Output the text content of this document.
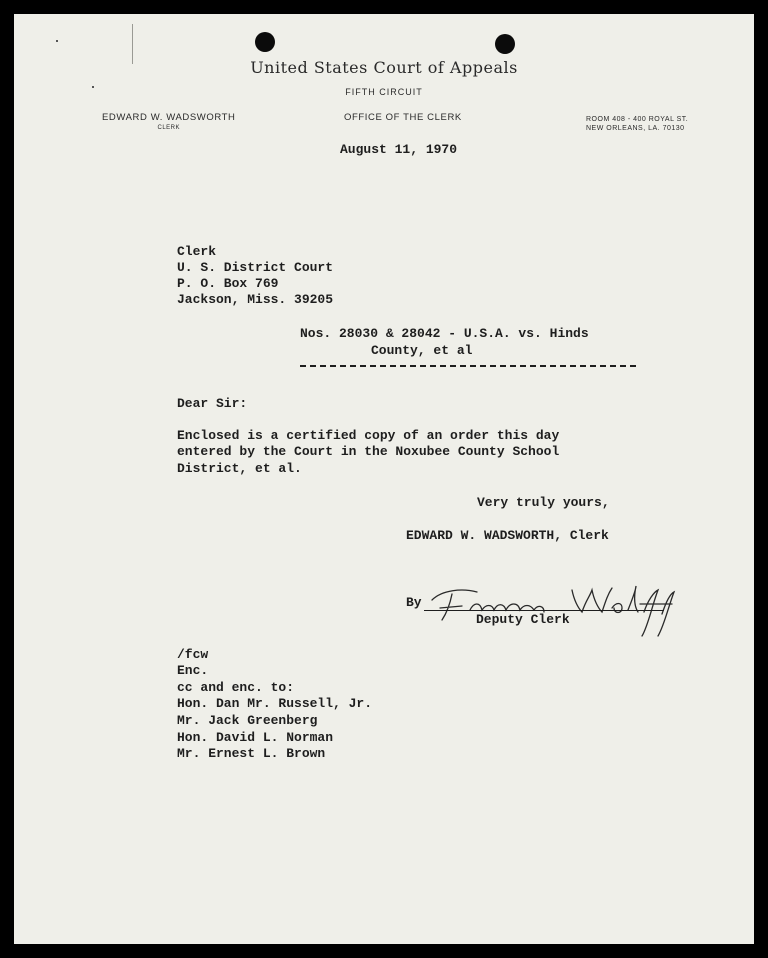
United States Court of Appeals
FIFTH CIRCUIT
EDWARD W. WADSWORTH
CLERK
OFFICE OF THE CLERK	ROOM 408 - 400 ROYAL ST.
NEW ORLEANS, LA. 70130
August 11, 1970
Clerk
U. S. District Court
P. O. Box 769
Jackson, Miss. 39205
Nos. 28030 & 28042 - U.S.A. vs. Hinds
County, et al
Dear Sir:
Enclosed is a certified copy of an order this day
entered by the Court in the Noxubee County School
District, et al.
Very truly yours,
EDWARD W. WADSWORTH, Clerk
By
Deputy Clerk
/fcw
Enc.
cc and enc. to:
Hon. Dan Mr. Russell, Jr.
Mr. Jack Greenberg
Hon. David L. Norman
Mr. Ernest L. Brown
